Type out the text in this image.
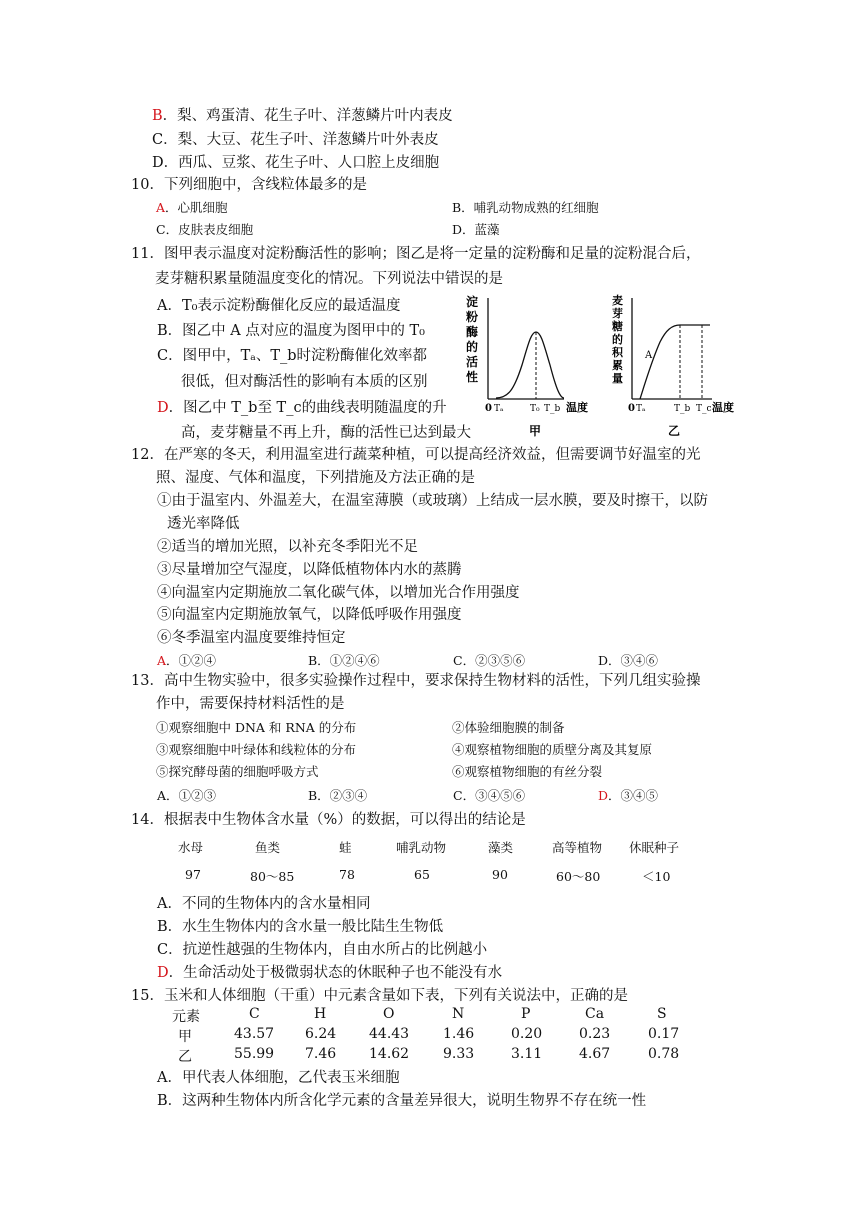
B．梨、鸡蛋清、花生子叶、洋葱鳞片叶内表皮
C．梨、大豆、花生子叶、洋葱鳞片叶外表皮
D．西瓜、豆浆、花生子叶、人口腔上皮细胞
10．下列细胞中，含线粒体最多的是
A．心肌细胞	B．哺乳动物成熟的红细胞
C．皮肤表皮细胞	D．蓝藻
11．图甲表示温度对淀粉酶活性的影响；图乙是将一定量的淀粉酶和足量的淀粉混合后，
麦芽糖积累量随温度变化的情况。下列说法中错误的是
A．T₀表示淀粉酶催化反应的最适温度
B．图乙中 A 点对应的温度为图甲中的 T₀
C．图甲中，Tₐ、T_b时淀粉酶催化效率都
很低，但对酶活性的影响有本质的区别
D．图乙中 T_b至 T_c的曲线表明随温度的升
高，麦芽糖量不再上升，酶的活性已达到最大
淀
粉
酶
的
活
性
0 Tₐ	T₀ T_b 温度
甲
麦
芽
糖
的
积
累
量
A
0 Tₐ	T_b T_c 温度
乙
12．在严寒的冬天，利用温室进行蔬菜种植，可以提高经济效益，但需要调节好温室的光
照、湿度、气体和温度，下列措施及方法正确的是
①由于温室内、外温差大，在温室薄膜（或玻璃）上结成一层水膜，要及时擦干，以防
透光率降低
②适当的增加光照，以补充冬季阳光不足
③尽量增加空气湿度，以降低植物体内水的蒸腾
④向温室内定期施放二氧化碳气体，以增加光合作用强度
⑤向温室内定期施放氧气，以降低呼吸作用强度
⑥冬季温室内温度要维持恒定
A．①②④	B．①②④⑥	C．②③⑤⑥	D．③④⑥
13．高中生物实验中，很多实验操作过程中，要求保持生物材料的活性，下列几组实验操
作中，需要保持材料活性的是
①观察细胞中 DNA 和 RNA 的分布	②体验细胞膜的制备
③观察细胞中叶绿体和线粒体的分布	④观察植物细胞的质壁分离及其复原
⑤探究酵母菌的细胞呼吸方式	⑥观察植物细胞的有丝分裂
A．①②③	B．②③④	C．③④⑤⑥	D．③④⑤
14．根据表中生物体含水量（%）的数据，可以得出的结论是
水母	鱼类	蛙	哺乳动物	藻类	高等植物 休眠种子
97	80～85	78	65	90	60～80	＜10
A．不同的生物体内的含水量相同
B．水生生物体内的含水量一般比陆生生物低
C．抗逆性越强的生物体内，自由水所占的比例越小
D．生命活动处于极微弱状态的休眠种子也不能没有水
15．玉米和人体细胞（干重）中元素含量如下表，下列有关说法中，正确的是
元素	C	H	O	N	P	Ca	S
甲	43.57 6.24 44.43 1.46	0.20	0.23	0.17
乙	55.99 7.46 14.62 9.33	3.11	4.67	0.78
A．甲代表人体细胞，乙代表玉米细胞
B．这两种生物体内所含化学元素的含量差异很大，说明生物界不存在统一性
